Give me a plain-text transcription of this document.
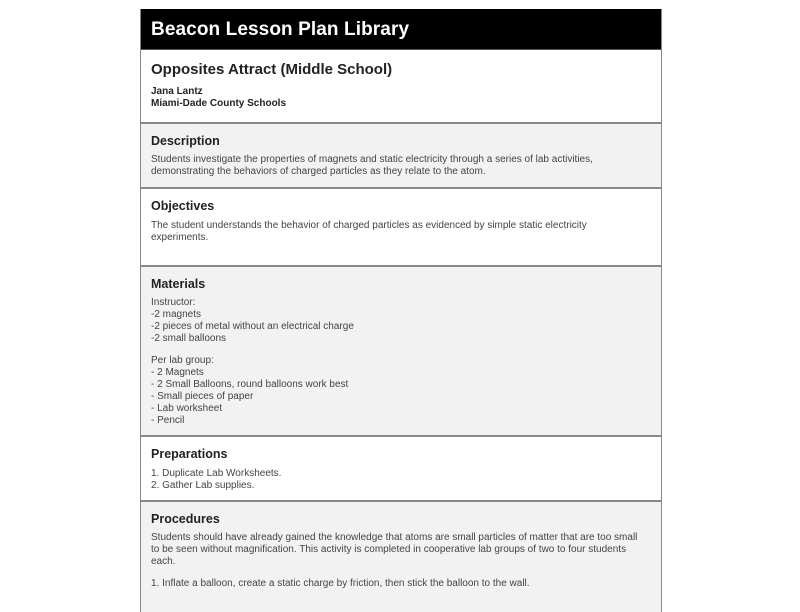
Beacon Lesson Plan Library
Opposites Attract (Middle School)
Jana Lantz
Miami-Dade County Schools
Description
Students investigate the properties of magnets and static electricity through a series of lab activities,
demonstrating the behaviors of charged particles as they relate to the atom.
Objectives
The student understands the behavior of charged particles as evidenced by simple static electricity
experiments.
Materials
Instructor:
-2 magnets
-2 pieces of metal without an electrical charge
-2 small balloons
Per lab group:
- 2 Magnets
- 2 Small Balloons, round balloons work best
- Small pieces of paper
- Lab worksheet
- Pencil
Preparations
1. Duplicate Lab Worksheets.
2. Gather Lab supplies.
Procedures
Students should have already gained the knowledge that atoms are small particles of matter that are too small
to be seen without magnification. This activity is completed in cooperative lab groups of two to four students
each.
1. Inflate a balloon, create a static charge by friction, then stick the balloon to the wall.
